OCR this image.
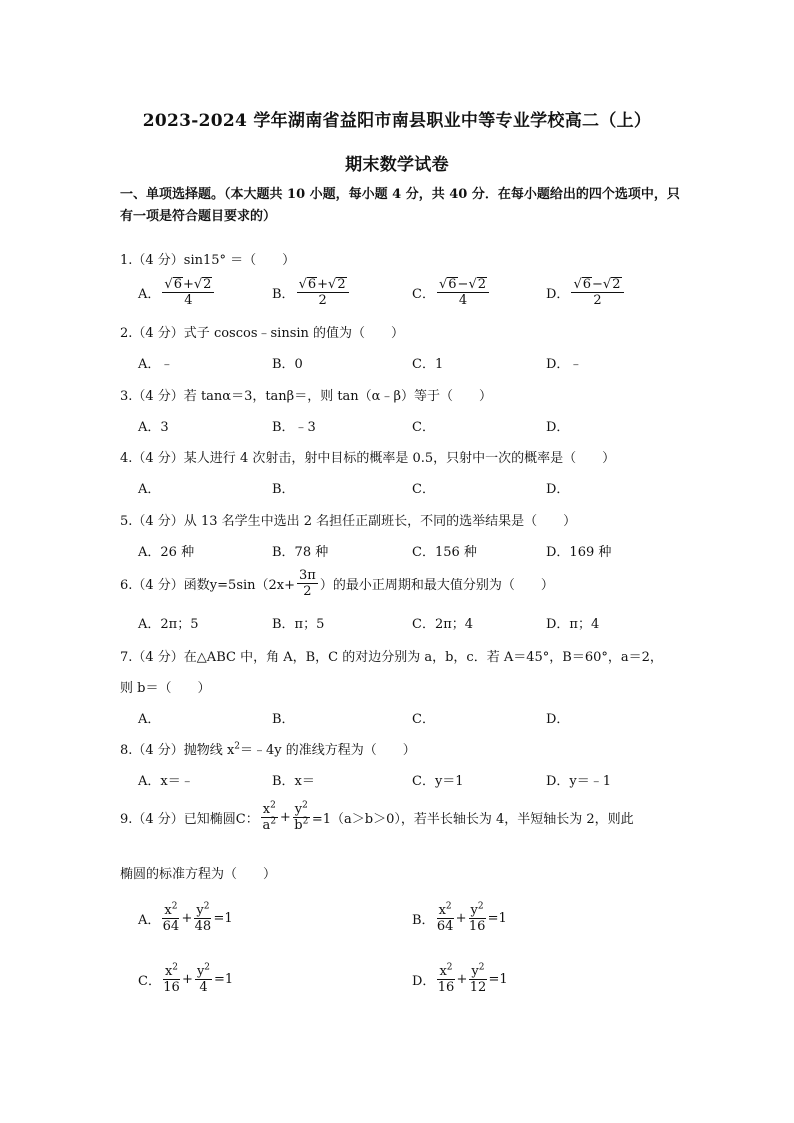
2023-2024 学年湖南省益阳市南县职业中等专业学校高二（上）
期末数学试卷
一、单项选择题。（本大题共 10 小题，每小题 4 分，共 40 分．在每小题给出的四个选项中，只有一项是符合题目要求的）
1.（4 分）sin15° ＝（　　）
A． $\frac{√6+√2}{4}$	B． $\frac{√6+√2}{2}$	C． $\frac{√6-√2}{4}$	D． $\frac{√6-√2}{2}$
2.（4 分）式子 coscos﹣sinsin 的值为（　　）
A．﹣	B．0	C．1	D．﹣
3.（4 分）若 tanα＝3，tanβ＝，则 tan（α﹣β）等于（　　）
A．3	B．﹣3	C．	D．
4.（4 分）某人进行 4 次射击，射中目标的概率是 0.5，只射中一次的概率是（　　）
A．	B．	C．	D．
5.（4 分）从 13 名学生中选出 2 名担任正副班长，不同的选举结果是（　　）
A．26 种	B．78 种	C．156 种	D．169 种
6.（4 分）函数$y=5\sin(2x+ \frac{3\pi}{2}$ ）的最小正周期和最大值分别为（　　）
A．2π；5	B．π；5	C．2π；4	D．π；4
7.（4 分）在△ABC 中，角 A，B，C 的对边分别为 a，b，c．若 A＝45°，B＝60°，a＝2，
则 b＝（　　）
A．	B．	C．	D．
8.（4 分）抛物线 $x^2=﹣4y$ 的准线方程为（　　）
A．x＝﹣	B．x＝	C．y＝1	D．y＝﹣1
9.（4 分）已知椭圆C： $\frac{x^2}{a^2} + \frac{y^2}{b^2} =1(a>b>0)$，若半长轴长为 4，半短轴长为 2，则此
椭圆的标准方程为（　　）
A． $\frac{x^2}{64} + \frac{y^2}{48} =1$	B． $\frac{x^2}{64} + \frac{y^2}{16} =1$
C． $\frac{x^2}{16} + \frac{y^2}{4} =1$	D． $\frac{x^2}{16} + \frac{y^2}{12} =1$
